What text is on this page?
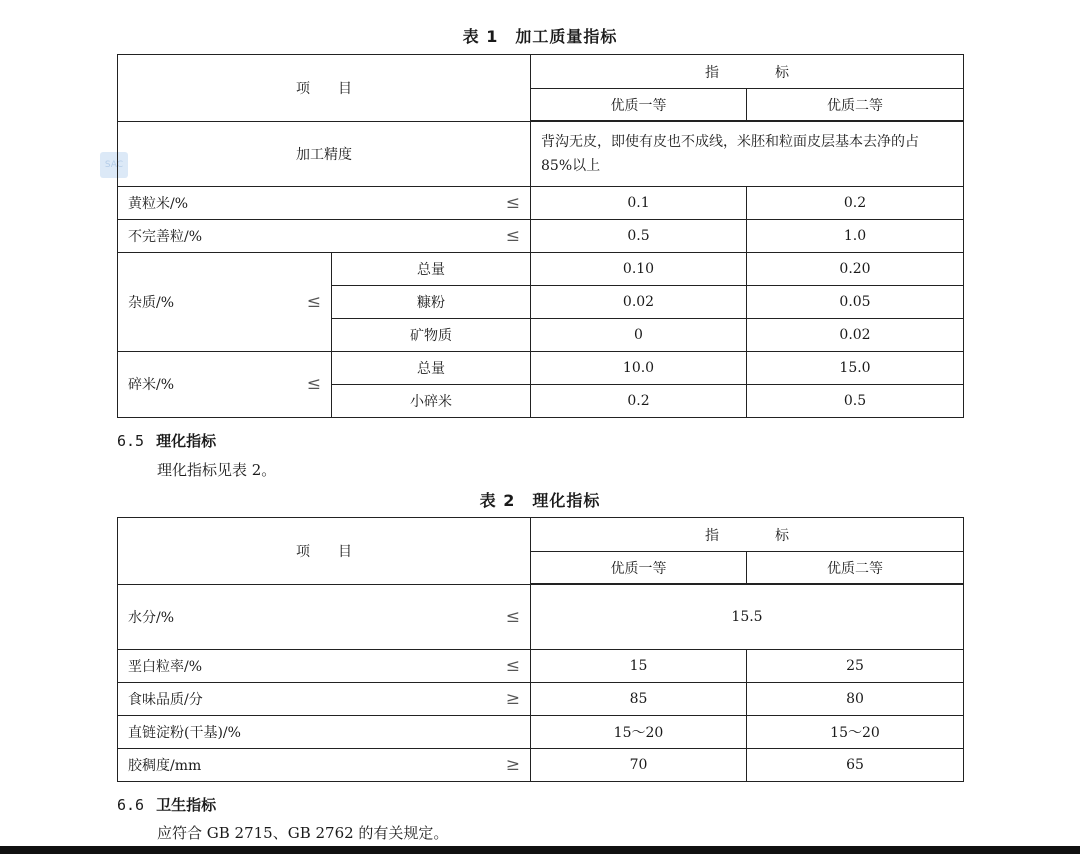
SAC
表 1　加工质量指标
项　　目		指　　　　标	
		优质一等	优质二等
加工精度		背沟无皮，即使有皮也不成线，米胚和粒面皮层基本去净的占 85%以上	

黄粒米/% ≤		0.1	0.2

不完善粒/% ≤		0.5	1.0

杂质/% ≤	总量	0.10	0.20
	糠粉	0.02	0.05
	矿物质	0	0.02

碎米/% ≤	总量	10.0	15.0
	小碎米	0.2	0.5
6.5 理化指标
理化指标见表 2。
表 2　理化指标
项　　目	指　　　　标	
	优质一等	优质二等

水分/% ≤	15.5	

垩白粒率/% ≤	15	25

食味品质/分 ≥	85	80

直链淀粉(干基)/%	15～20	15～20

胶稠度/mm ≥	70	65
6.6 卫生指标
应符合 GB 2715、GB 2762 的有关规定。
